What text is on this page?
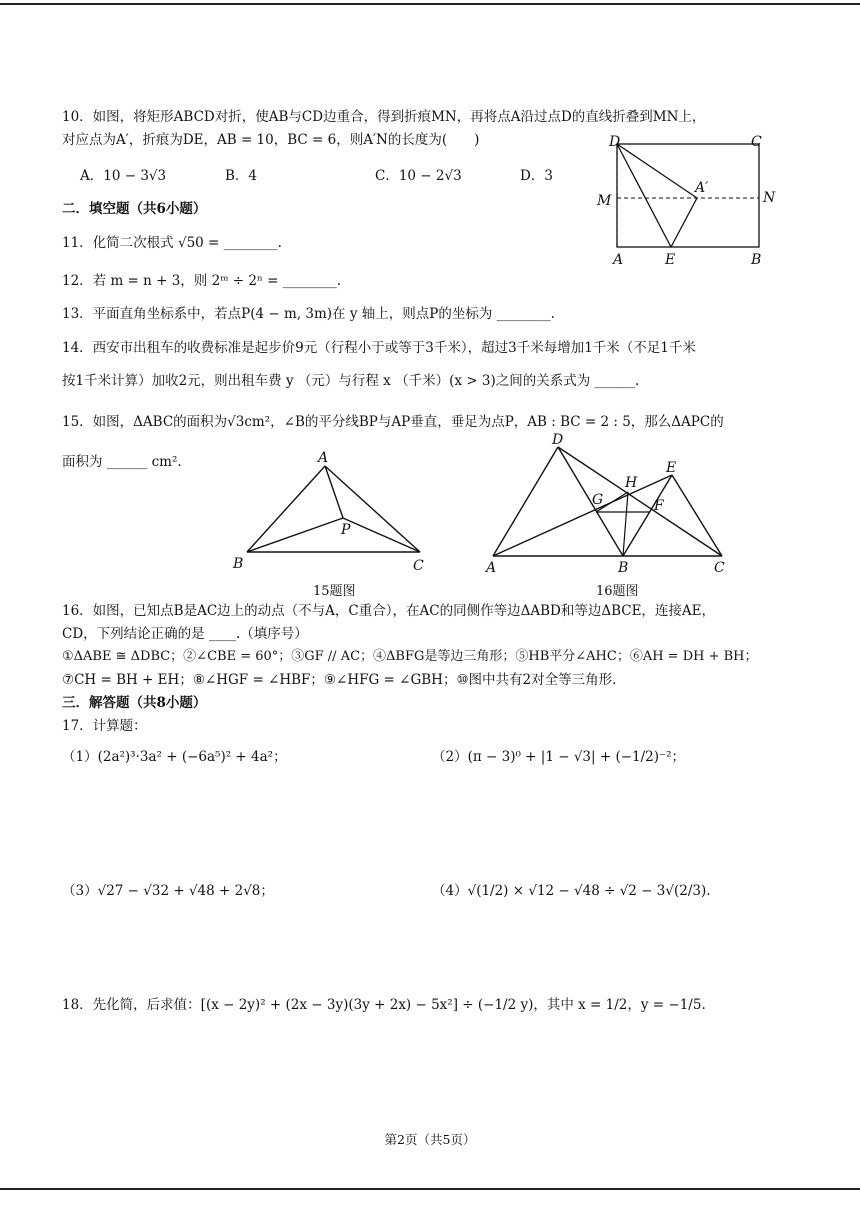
10．如图，将矩形ABCD对折，使AB与CD边重合，得到折痕MN，再将点A沿过点D的直线折叠到MN上，
对应点为A′，折痕为DE，AB = 10，BC = 6，则A′N的长度为(　　)
A．10 − 3√3	B．4	C．10 − 2√3	D．3
D	C
M	N
A′
A	E	B
二．填空题（共6小题）
11．化简二次根式 √50 = ________.
12．若 m = n + 3，则 2ᵐ ÷ 2ⁿ = ________.
13．平面直角坐标系中，若点P(4 − m, 3m)在 y 轴上，则点P的坐标为 ________.
14．西安市出租车的收费标准是起步价9元（行程小于或等于3千米），超过3千米每增加1千米（不足1千米
按1千米计算）加收2元，则出租车费 y （元）与行程 x （千米）(x > 3)之间的关系式为 ______.
15．如图，ΔABC的面积为√3cm²，∠B的平分线BP与AP垂直，垂足为点P，AB : BC = 2 : 5，那么ΔAPC的
面积为 ______ cm².	A
P
B	C
15题图
D
E
H
G	F
A	B	C
16题图
16．如图，已知点B是AC边上的动点（不与A，C重合），在AC的同侧作等边ΔABD和等边ΔBCE，连接AE，
CD，下列结论正确的是 ____.（填序号）
①ΔABE ≅ ΔDBC；②∠CBE = 60°；③GF // AC；④ΔBFG是等边三角形；⑤HB平分∠AHC；⑥AH = DH + BH；
⑦CH = BH + EH；⑧∠HGF = ∠HBF；⑨∠HFG = ∠GBH；⑩图中共有2对全等三角形.
三．解答题（共8小题）
17．计算题：
（1）(2a²)³·3a² + (−6a⁵)² + 4a²；	（2）(π − 3)⁰ + |1 − √3| + (−1/2)⁻²；
（3）√27 − √32 + √48 + 2√8；	（4）√(1/2) × √12 − √48 ÷ √2 − 3√(2/3).
18．先化简，后求值：[(x − 2y)² + (2x − 3y)(3y + 2x) − 5x²] ÷ (−1/2 y)，其中 x = 1/2，y = −1/5.
第2页（共5页）
